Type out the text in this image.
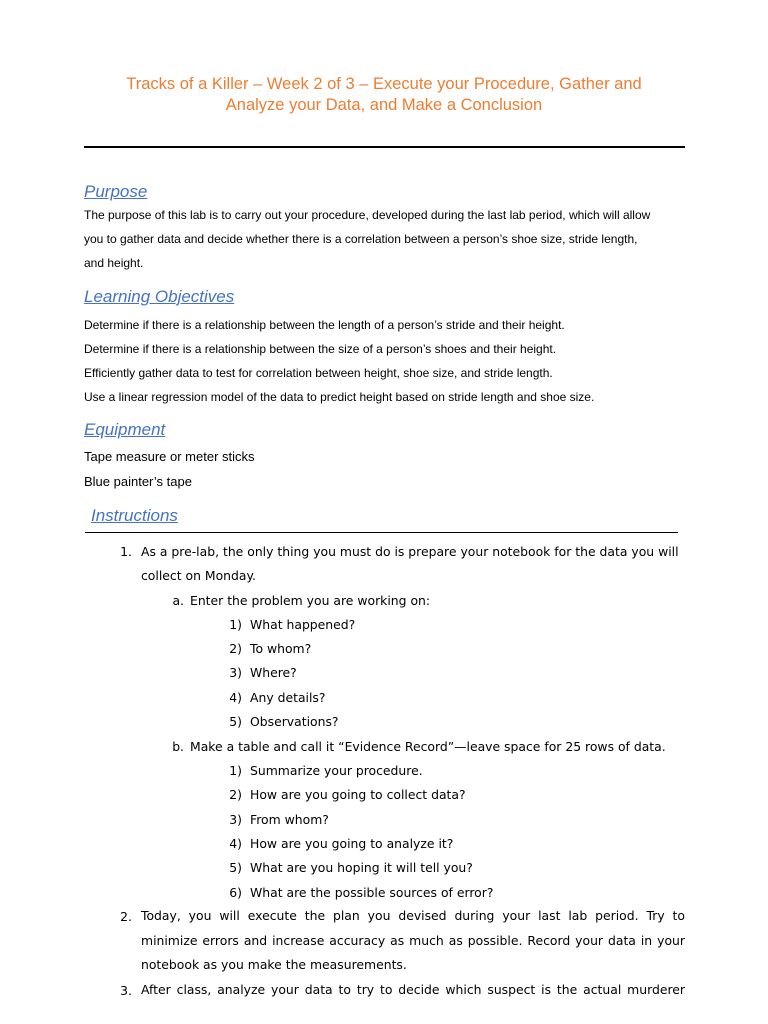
Tracks of a Killer – Week 2 of 3 – Execute your Procedure, Gather and
Analyze your Data, and Make a Conclusion
Purpose
The purpose of this lab is to carry out your procedure, developed during the last lab period, which will allow
you to gather data and decide whether there is a correlation between a person’s shoe size, stride length,
and height.
Learning Objectives
Determine if there is a relationship between the length of a person’s stride and their height.
Determine if there is a relationship between the size of a person’s shoes and their height.
Efficiently gather data to test for correlation between height, shoe size, and stride length.
Use a linear regression model of the data to predict height based on stride length and shoe size.
Equipment
Tape measure or meter sticks
Blue painter’s tape
Instructions
1. As a pre-lab, the only thing you must do is prepare your notebook for the data you will
collect on Monday.
a. Enter the problem you are working on:
1) What happened?
2) To whom?
3) Where?
4) Any details?
5) Observations?
b. Make a table and call it “Evidence Record”—leave space for 25 rows of data.
1) Summarize your procedure.
2) How are you going to collect data?
3) From whom?
4) How are you going to analyze it?
5) What are you hoping it will tell you?
6) What are the possible sources of error?
2. Today, you will execute the plan you devised during your last lab period. Try to
minimize errors and increase accuracy as much as possible. Record your data in your
notebook as you make the measurements.
3. After class, analyze your data to try to decide which suspect is the actual murderer
